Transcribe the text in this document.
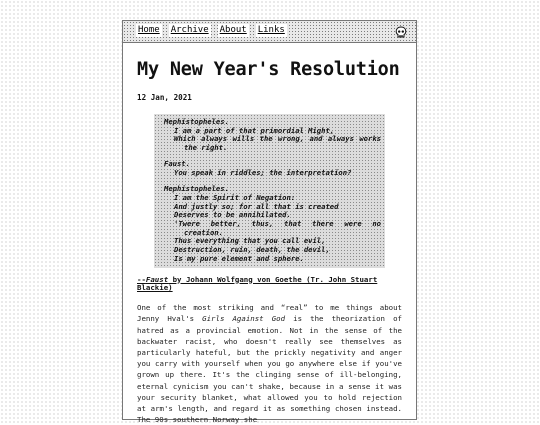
Home Archive About Links
My New Year's Resolution
12 Jan, 2021
Mephistopheles.
I am a part of that primordial Might,
Which always wills the wrong, and always works the right.
Faust.
You speak in riddles; the interpretation?
Mephistopheles.
I am the Spirit of Negation:
And justly so; for all that is created
Deserves to be annihilated.
'Twere better, thus, that there were no creation.
Thus everything that you call evil,
Destruction, ruin, death, the devil,
Is my pure element and sphere.
--Faust by Johann Wolfgang von Goethe (Tr. John Stuart Blackie)

One of the most striking and “real” to me things about Jenny Hval's Girls Against God is the theorization of hatred as a provincial emotion. Not in the sense of the backwater racist, who doesn't really see themselves as particularly hateful, but the prickly negativity and anger you carry with yourself when you go anywhere else if you've grown up there. It's the clinging sense of ill-belonging, eternal cynicism you can't shake, because in a sense it was your security blanket, what allowed you to hold rejection at arm's length, and regard it as something chosen instead. The 90s southern Norway she
